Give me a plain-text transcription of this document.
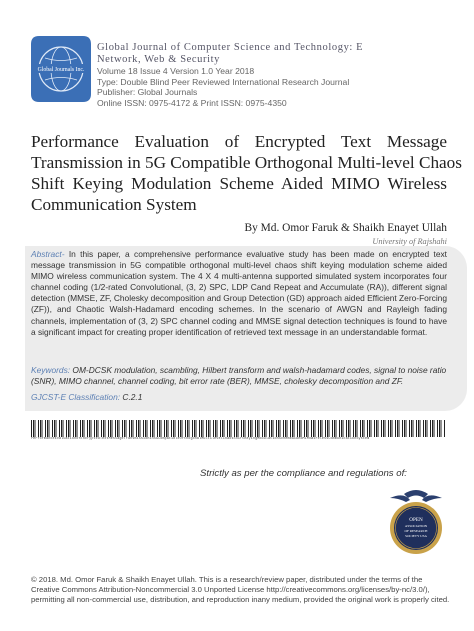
Global Journals Inc.
Global Journal of Computer Science and Technology: E
Network, Web & Security
Volume 18 Issue 4 Version 1.0 Year 2018
Type: Double Blind Peer Reviewed International Research Journal
Publisher: Global Journals
Online ISSN: 0975-4172 & Print ISSN: 0975-4350
Performance Evaluation of Encrypted Text Message
Transmission in 5G Compatible Orthogonal Multi-level Chaos
Shift Keying Modulation Scheme Aided MIMO Wireless
Communication System
By Md. Omor Faruk & Shaikh Enayet Ullah
University of Rajshahi
Abstract- In this paper, a comprehensive performance evaluative study has been made on encrypted text message transmission in 5G compatible orthogonal multi-level chaos shift keying modulation scheme aided MIMO wireless communication system. The 4 X 4 multi-antenna supported simulated system incorporates four channel coding (1/2-rated Convolutional, (3, 2) SPC, LDP Cand Repeat and Accumulate (RA)), different signal detection (MMSE, ZF, Cholesky decomposition and Group Detection (GD) approach aided Efficient Zero-Forcing (ZF)), and Chaotic Walsh-Hadamard encoding schemes. In the scenario of AWGN and Rayleigh fading channels, implementation of (3, 2) SPC channel coding and MMSE signal detection techniques is found to have a significant impact for creating proper identification of retrieved text message in an understandable format.
Keywords: OM-DCSK modulation, scambling, Hilbert transform and walsh-hadamard codes, signal to noise ratio (SNR), MIMO channel, channel coding, bit error rate (BER), MMSE, cholesky decomposition and ZF.
GJCST-E Classification: C.2.1
PerformanceEvaluationofEncryptedTextMessageTransmissionin5GCompatibleOrthogonalMultilevelChaosShiftKeyingModulationSchemeAidedMIMOWirelessCommunicationSystem
Strictly as per the compliance and regulations of:
OPEN
ASSOCIATION
OF RESEARCH
SOCIETY USA
© 2018. Md. Omor Faruk & Shaikh Enayet Ullah. This is a research/review paper, distributed under the terms of the Creative Commons Attribution-Noncommercial 3.0 Unported License http://creativecommons.org/licenses/by-nc/3.0/), permitting all non-commercial use, distribution, and reproduction inany medium, provided the original work is properly cited.
